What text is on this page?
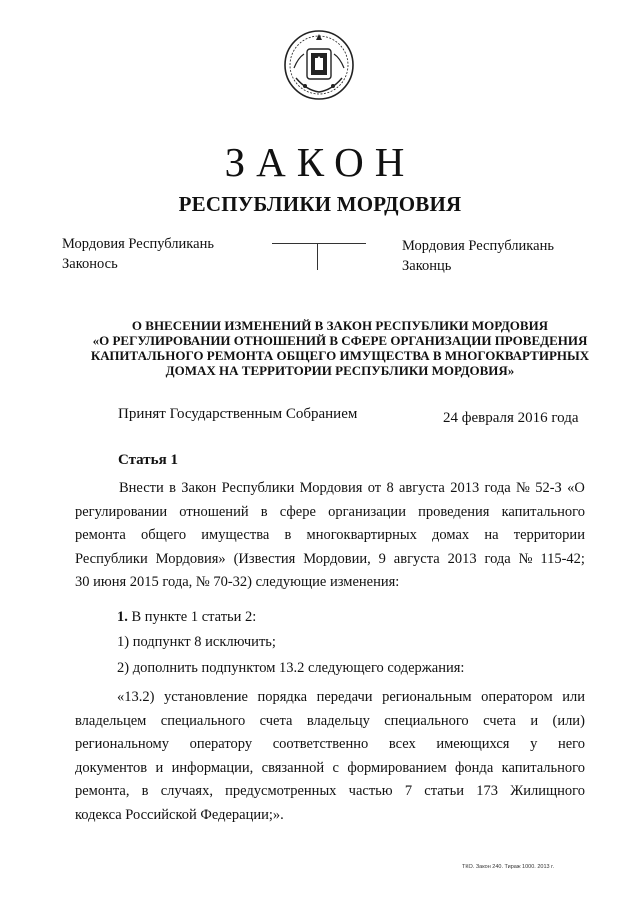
ЗАКОН
РЕСПУБЛИКИ МОРДОВИЯ
Мордовия Республикань
Законось
Мордовия Республикань
Законць
О ВНЕСЕНИИ ИЗМЕНЕНИЙ В ЗАКОН РЕСПУБЛИКИ МОРДОВИЯ
«О РЕГУЛИРОВАНИИ ОТНОШЕНИЙ В СФЕРЕ ОРГАНИЗАЦИИ ПРОВЕДЕНИЯ
КАПИТАЛЬНОГО РЕМОНТА ОБЩЕГО ИМУЩЕСТВА В МНОГОКВАРТИРНЫХ
ДОМАХ НА ТЕРРИТОРИИ РЕСПУБЛИКИ МОРДОВИЯ»
Принят Государственным Собранием	24 февраля 2016 года
Статья 1
Внести в Закон Республики Мордовия от 8 августа 2013 года № 52-З «О
регулировании отношений в сфере организации проведения капитального
ремонта общего имущества в многоквартирных домах на территории
Республики Мордовия» (Известия Мордовии, 9 августа 2013 года № 115-42;
30 июня 2015 года, № 70-32) следующие изменения:
1. В пункте 1 статьи 2:
1) подпункт 8 исключить;
2) дополнить подпунктом 13.2 следующего содержания:
«13.2) установление порядка передачи региональным оператором или
владельцем специального счета владельцу специального счета и (или)
региональному оператору соответственно всех имеющихся у него
документов и информации, связанной с формированием фонда капитального
ремонта, в случаях, предусмотренных частью 7 статьи 173 Жилищного
кодекса Российской Федерации;».
ТКО. Закон 240. Тираж 1000. 2013 г.
